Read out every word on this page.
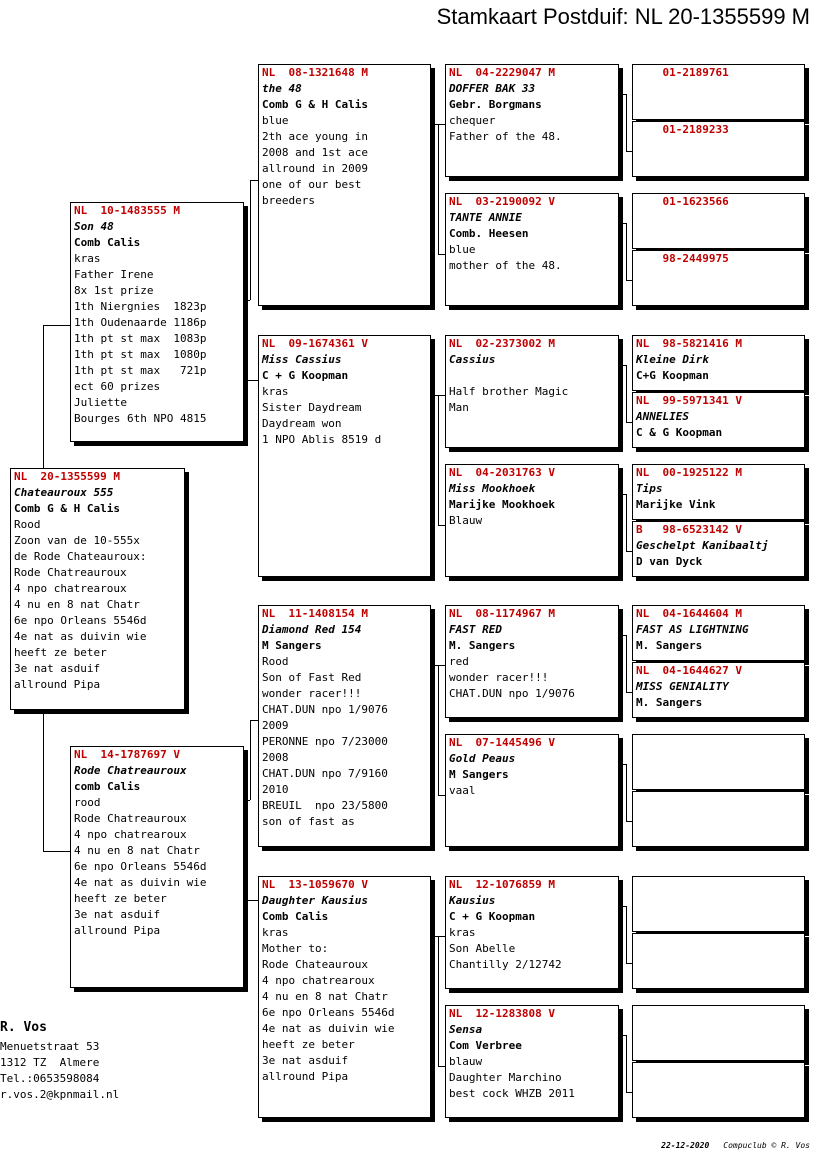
Stamkaart Postduif: NL 20-1355599 M
NL  20-1355599 M
Chateauroux 555
Comb G & H Calis
Rood
Zoon van de 10-555x
de Rode Chateauroux:
Rode Chatreauroux
4 npo chatrearoux
4 nu en 8 nat Chatr
6e npo Orleans 5546d
4e nat as duivin wie
heeft ze beter
3e nat asduif
allround Pipa
NL  10-1483555 M
Son 48
Comb Calis
kras
Father Irene
8x 1st prize
1th Niergnies  1823p
1th Oudenaarde 1186p
1th pt st max  1083p
1th pt st max  1080p
1th pt st max   721p
ect 60 prizes
Juliette
Bourges 6th NPO 4815
NL  14-1787697 V
Rode Chatreauroux
comb Calis
rood
Rode Chatreauroux
4 npo chatrearoux
4 nu en 8 nat Chatr
6e npo Orleans 5546d
4e nat as duivin wie
heeft ze beter
3e nat asduif
allround Pipa
NL  08-1321648 M
the 48
Comb G & H Calis
blue
2th ace young in
2008 and 1st ace
allround in 2009
one of our best
breeders
NL  09-1674361 V
Miss Cassius
C + G Koopman
kras
Sister Daydream
Daydream won
1 NPO Ablis 8519 d
NL  11-1408154 M
Diamond Red 154
M Sangers
Rood
Son of Fast Red
wonder racer!!!
CHAT.DUN npo 1/9076
2009
PERONNE npo 7/23000
2008
CHAT.DUN npo 7/9160
2010
BREUIL  npo 23/5800
son of fast as
NL  13-1059670 V
Daughter Kausius
Comb Calis
kras
Mother to:
Rode Chateauroux
4 npo chatrearoux
4 nu en 8 nat Chatr
6e npo Orleans 5546d
4e nat as duivin wie
heeft ze beter
3e nat asduif
allround Pipa
NL  04-2229047 M
DOFFER BAK 33
Gebr. Borgmans
chequer
Father of the 48.
NL  03-2190092 V
TANTE ANNIE
Comb. Heesen
blue
mother of the 48.
NL  02-2373002 M
Cassius

Half brother Magic
Man
NL  04-2031763 V
Miss Mookhoek
Marijke Mookhoek
Blauw
NL  08-1174967 M
FAST RED
M. Sangers
red
wonder racer!!!
CHAT.DUN npo 1/9076
NL  07-1445496 V
Gold Peaus
M Sangers
vaal
NL  12-1076859 M
Kausius
C + G Koopman
kras
Son Abelle
Chantilly 2/12742
NL  12-1283808 V
Sensa
Com Verbree
blauw
Daughter Marchino
best cock WHZB 2011
01-2189761
01-2189233
01-1623566
98-2449975
NL  98-5821416 M
Kleine Dirk
C+G Koopman
NL  99-5971341 V
ANNELIES
C & G Koopman
NL  00-1925122 M
Tips
Marijke Vink
B   98-6523142 V
Geschelpt Kanibaaltj
D van Dyck
NL  04-1644604 M
FAST AS LIGHTNING
M. Sangers
NL  04-1644627 V
MISS GENIALITY
M. Sangers
R. Vos
Menuetstraat 53
1312 TZ  Almere
Tel.:0653598084
r.vos.2@kpnmail.nl
22-12-2020 Compuclub © R. Vos
